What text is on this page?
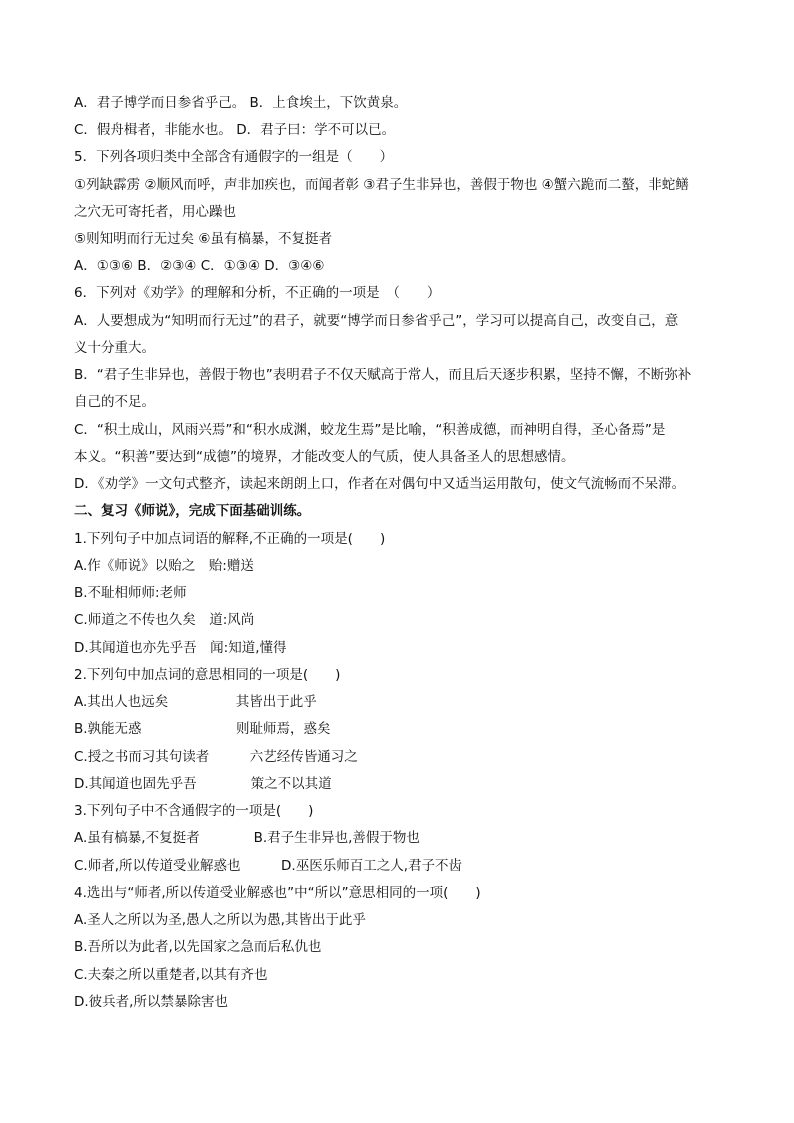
A．君子博学而日参省乎己。 B．上食埃土，下饮黄泉。
C．假舟楫者，非能水也。 D．君子曰：学不可以已。
5．下列各项归类中全部含有通假字的一组是（　　）
①列缺霹雳 ②顺风而呼，声非加疾也，而闻者彰 ③君子生非异也，善假于物也 ④蟹六跪而二螯，非蛇鳝
之穴无可寄托者，用心躁也
⑤则知明而行无过矣 ⑥虽有槁暴，不复挺者
A．①③⑥ B．②③④ C．①③④ D．③④⑥
6．下列对《劝学》的理解和分析，不正确的一项是　（　　）
A．人要想成为“知明而行无过”的君子，就要“博学而日参省乎己”，学习可以提高自己，改变自己，意
义十分重大。
B．“君子生非异也，善假于物也”表明君子不仅天赋高于常人，而且后天逐步积累，坚持不懈，不断弥补
自己的不足。
C．“积土成山，风雨兴焉”和“积水成渊，蛟龙生焉”是比喻，“积善成德，而神明自得，圣心备焉”是
本义。“积善”要达到“成德”的境界，才能改变人的气质，使人具备圣人的思想感情。
D．《劝学》一文句式整齐，读起来朗朗上口，作者在对偶句中又适当运用散句，使文气流畅而不呆滞。
二、复习《师说》，完成下面基础训练。
1.下列句子中加点词语的解释,不正确的一项是(　　)
A.作《师说》以贻之　贻:赠送
B.不耻相师师:老师
C.师道之不传也久矣　道:风尚
D.其闻道也亦先乎吾　闻:知道,懂得
2.下列句中加点词的意思相同的一项是(　　)
A.其出人也远矣　　　　　其皆出于此乎
B.孰能无惑　　　　　　　则耻师焉，惑矣
C.授之书而习其句读者　　　六艺经传皆通习之
D.其闻道也固先乎吾　　　　策之不以其道
3.下列句子中不含通假字的一项是(　　)
A.虽有槁暴,不复挺者　　　　B.君子生非异也,善假于物也
C.师者,所以传道受业解惑也　　　D.巫医乐师百工之人,君子不齿
4.选出与“师者,所以传道受业解惑也”中“所以”意思相同的一项(　　)
A.圣人之所以为圣,愚人之所以为愚,其皆出于此乎
B.吾所以为此者,以先国家之急而后私仇也
C.夫秦之所以重楚者,以其有齐也
D.彼兵者,所以禁暴除害也
